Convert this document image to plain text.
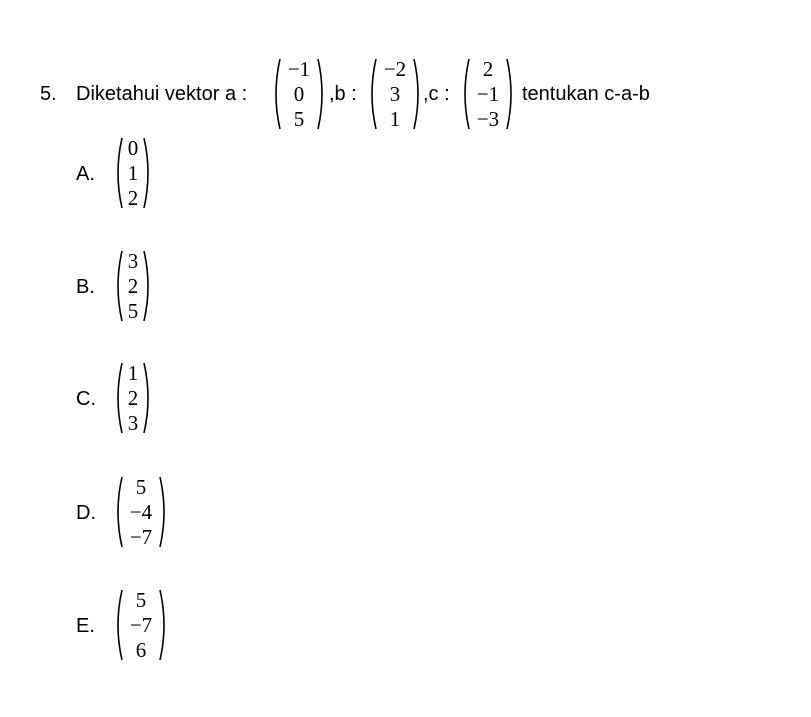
5. Diketahui vektor a :
−1
0
5
,b :
−2
3
1
,c :
2
−1
−3
tentukan c-a-b
A.
0
1
2
B.
3
2
5
C.
1
2
3
D.
5
−4
−7
E.
5
−7
6
